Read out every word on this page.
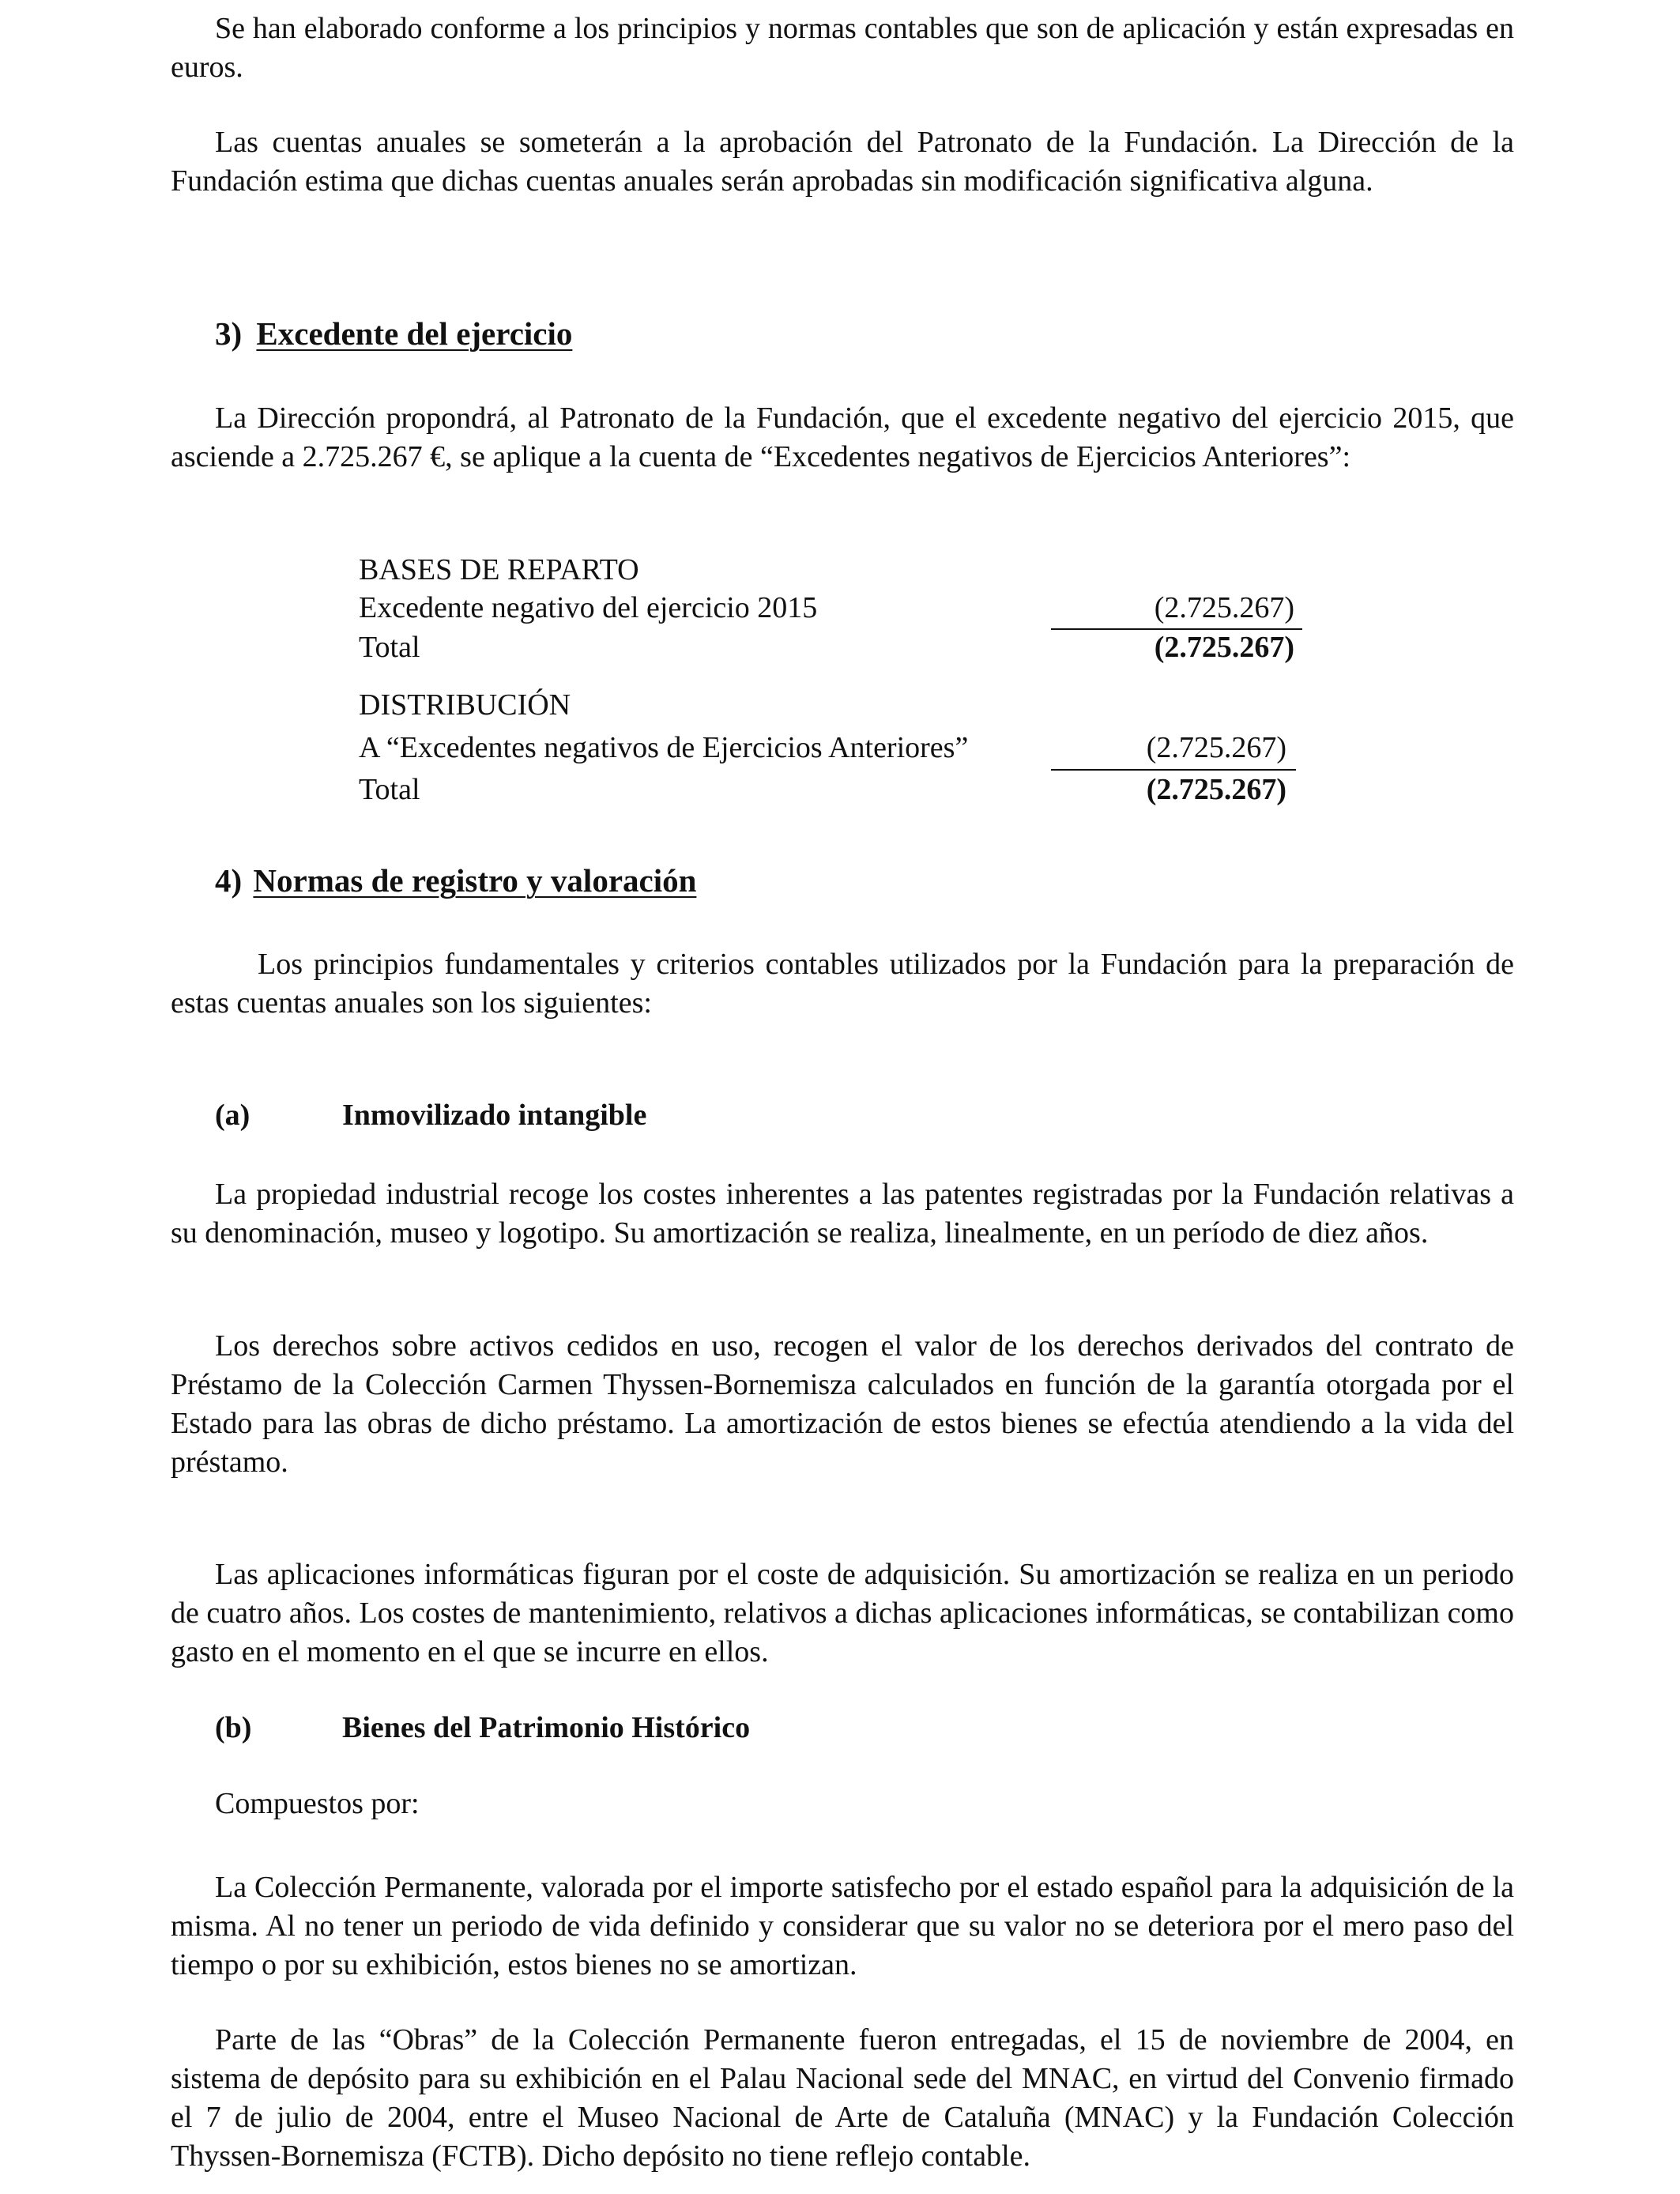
Se han elaborado conforme a los principios y normas contables que son de aplicación y están expresadas en euros.

Las cuentas anuales se someterán a la aprobación del Patronato de la Fundación. La Dirección de la Fundación estima que dichas cuentas anuales serán aprobadas sin modificación significativa alguna.

3) Excedente del ejercicio

La Dirección propondrá, al Patronato de la Fundación, que el excedente negativo del ejercicio 2015, que asciende a 2.725.267 €, se aplique a la cuenta de “Excedentes negativos de Ejercicios Anteriores”:

BASES DE REPARTO
Excedente negativo del ejercicio 2015	(2.725.267)
Total	(2.725.267)
DISTRIBUCIÓN
A “Excedentes negativos de Ejercicios Anteriores”	(2.725.267)
Total	(2.725.267)
4) Normas de registro y valoración

Los principios fundamentales y criterios contables utilizados por la Fundación para la preparación de estas cuentas anuales son los siguientes:

(a)	Inmovilizado intangible

La propiedad industrial recoge los costes inherentes a las patentes registradas por la Fundación relativas a su denominación, museo y logotipo. Su amortización se realiza, linealmente, en un período de diez años.

Los derechos sobre activos cedidos en uso, recogen el valor de los derechos derivados del contrato de Préstamo de la Colección Carmen Thyssen-Bornemisza calculados en función de la garantía otorgada por el Estado para las obras de dicho préstamo. La amortización de estos bienes se efectúa atendiendo a la vida del préstamo.

Las aplicaciones informáticas figuran por el coste de adquisición. Su amortización se realiza en un periodo de cuatro años. Los costes de mantenimiento, relativos a dichas aplicaciones informáticas, se contabilizan como gasto en el momento en el que se incurre en ellos.

(b)	Bienes del Patrimonio Histórico

Compuestos por:

La Colección Permanente, valorada por el importe satisfecho por el estado español para la adquisición de la misma. Al no tener un periodo de vida definido y considerar que su valor no se deteriora por el mero paso del tiempo o por su exhibición, estos bienes no se amortizan.

Parte de las “Obras” de la Colección Permanente fueron entregadas, el 15 de noviembre de 2004, en sistema de depósito para su exhibición en el Palau Nacional sede del MNAC, en virtud del Convenio firmado el 7 de julio de 2004, entre el Museo Nacional de Arte de Cataluña (MNAC) y la Fundación Colección Thyssen-Bornemisza (FCTB). Dicho depósito no tiene reflejo contable.
